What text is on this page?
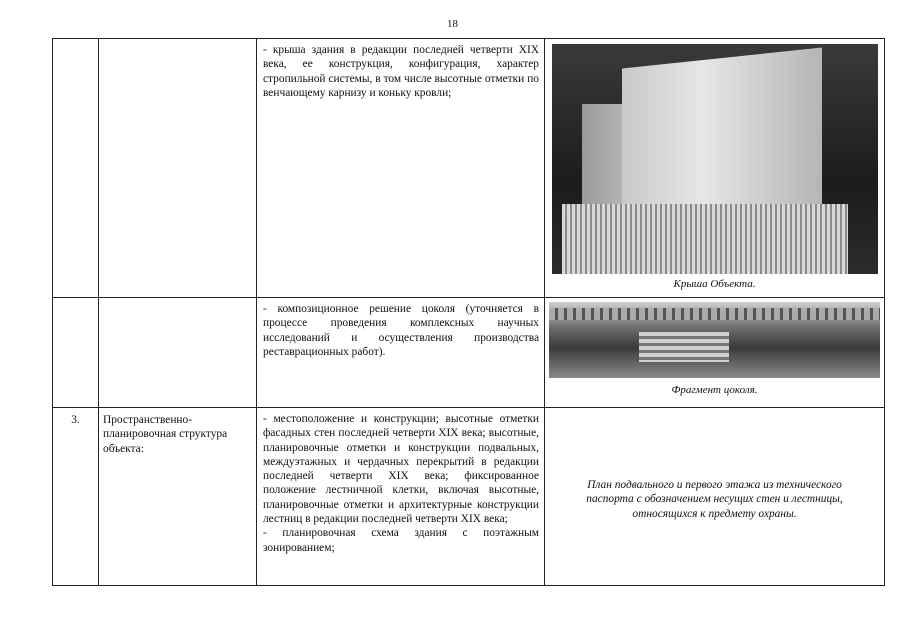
18

		- крыша здания в редакции последней четверти XIX века, ее конструкция, конфигурация, характер стропильной системы, в том числе высотные отметки по венчающему карнизу и коньку кровли;	Крыша Объекта.

		- композиционное решение цоколя (уточняется в процессе проведения комплексных научных исследований и осуществления производства реставрационных работ).	Фрагмент цоколя.

3.	Пространственно-планировочная структура объекта:	- местоположение и конструкции; высотные отметки фасадных стен последней четверти XIX века; высотные, планировочные отметки и конструкции подвальных, междуэтажных и чердачных перекрытий в редакции последней четверти XIX века; фиксированное положение лестничной клетки, включая высотные, планировочные отметки и архитектурные конструкции лестниц в редакции последней четверти XIX века;

- планировочная схема здания с поэтажным зонированием;	План подвального и первого этажа из технического паспорта с обозначением несущих стен и лестницы, относящихся к предмету охраны.
